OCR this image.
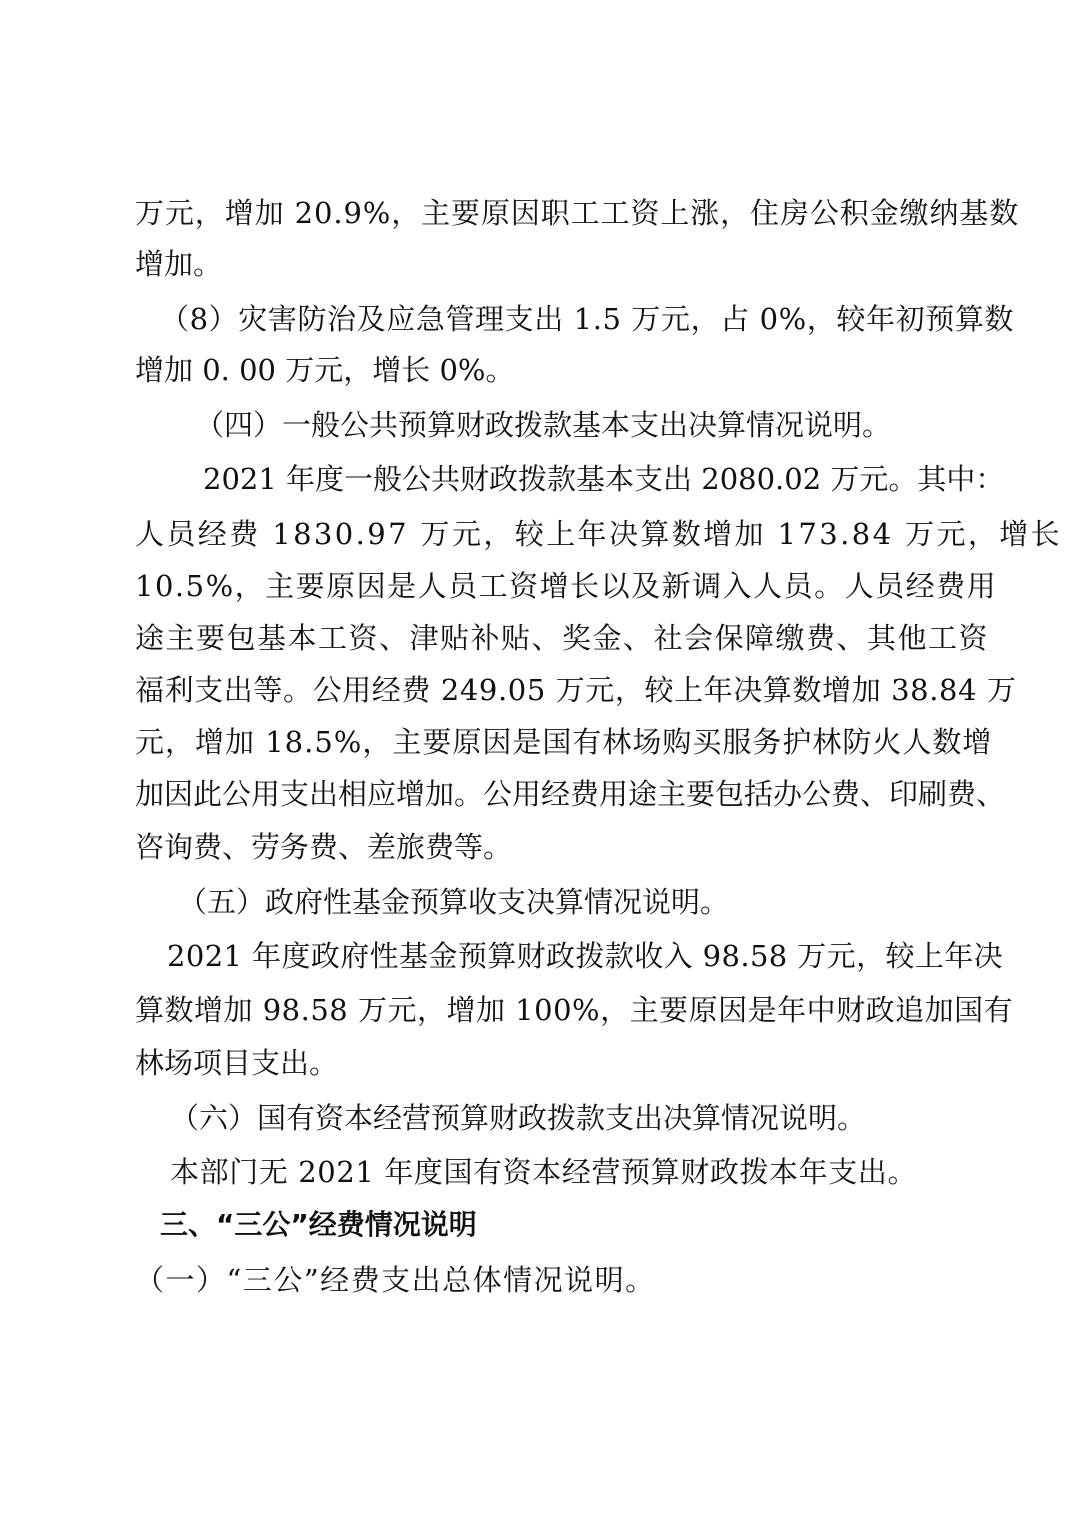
万元，增加 20.9%，主要原因职工工资上涨，住房公积金缴纳基数
增加。
（8）灾害防治及应急管理支出 1.5 万元，占 0%，较年初预算数
增加 0. 00 万元，增长 0%。
（四）一般公共预算财政拨款基本支出决算情况说明。
2021 年度一般公共财政拨款基本支出 2080.02 万元。其中：
人员经费 1830.97 万元，较上年决算数增加 173.84 万元，增长
10.5%，主要原因是人员工资增长以及新调入人员。人员经费用
途主要包基本工资、津贴补贴、奖金、社会保障缴费、其他工资
福利支出等。公用经费 249.05 万元，较上年决算数增加 38.84 万
元，增加 18.5%，主要原因是国有林场购买服务护林防火人数增
加因此公用支出相应增加。公用经费用途主要包括办公费、印刷费、
咨询费、劳务费、差旅费等。
（五）政府性基金预算收支决算情况说明。
2021 年度政府性基金预算财政拨款收入 98.58 万元，较上年决
算数增加 98.58 万元，增加 100%，主要原因是年中财政追加国有
林场项目支出。
（六）国有资本经营预算财政拨款支出决算情况说明。
本部门无 2021 年度国有资本经营预算财政拨本年支出。
三、“三公”经费情况说明
（一）“三公”经费支出总体情况说明。
